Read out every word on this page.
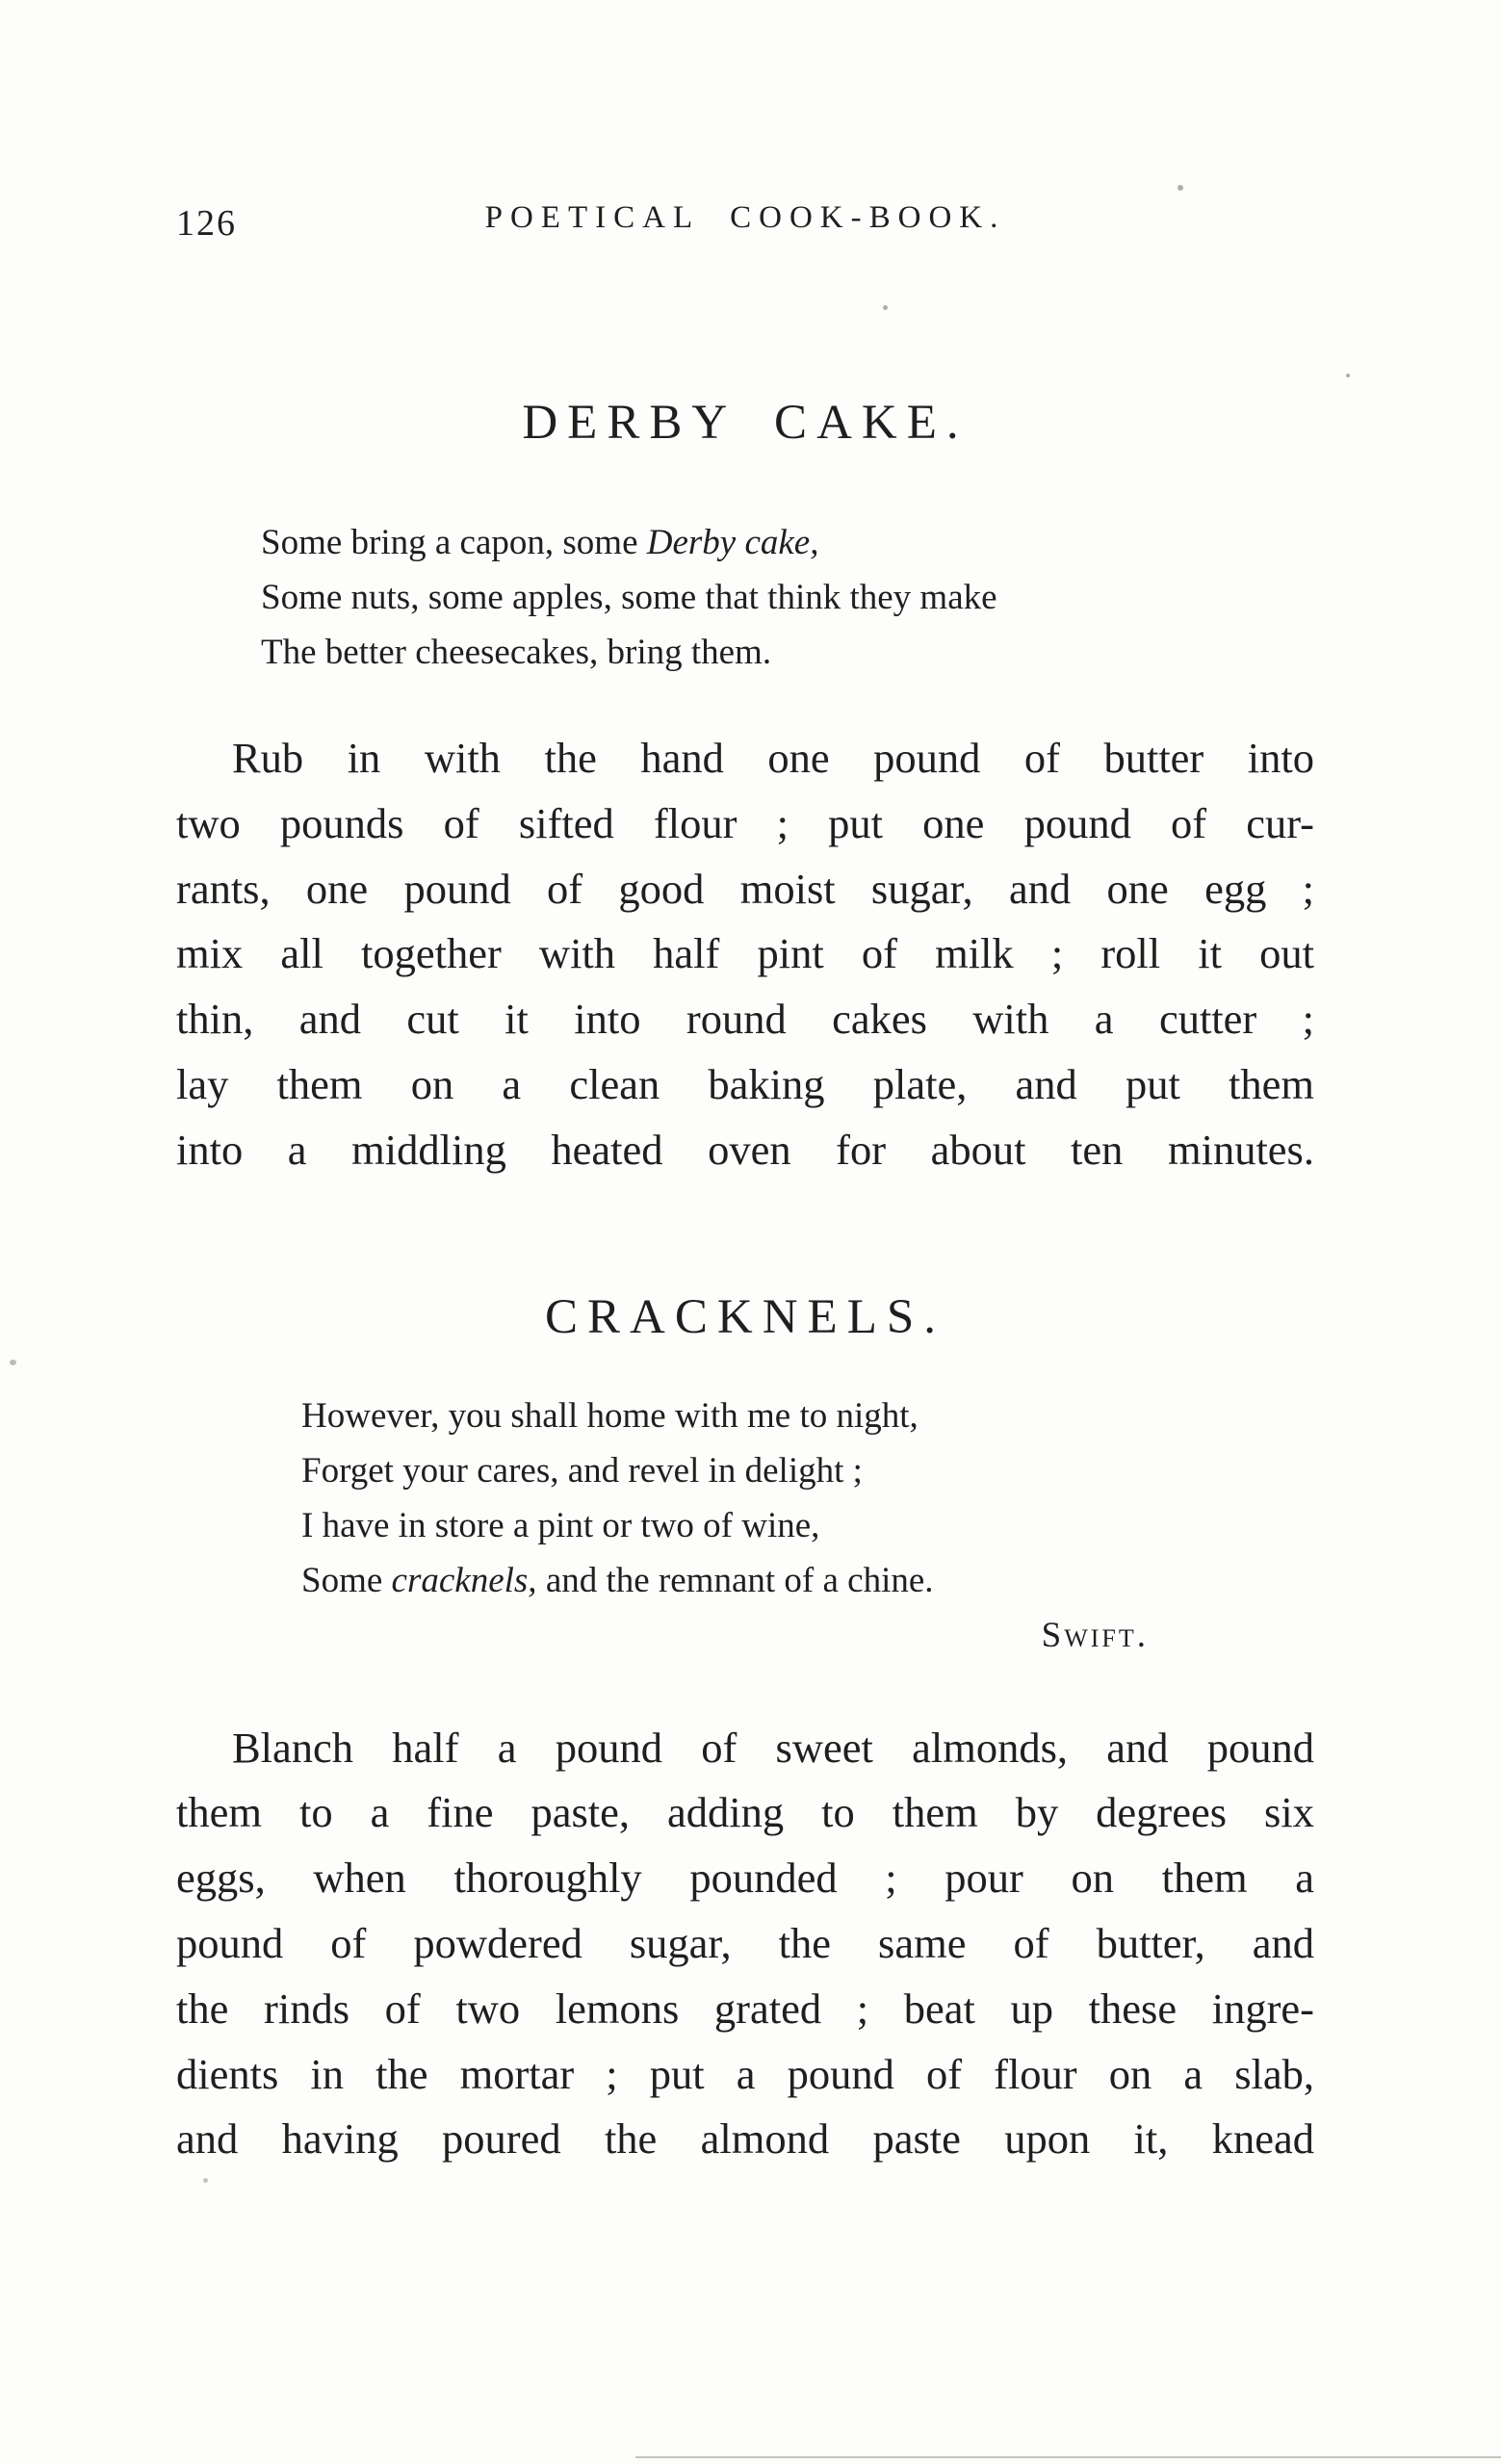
126	POETICAL COOK-BOOK.
DERBY CAKE.
Some bring a capon, some Derby cake,
Some nuts, some apples, some that think they make
The better cheesecakes, bring them.
Rub in with the hand one pound of butter into
two pounds of sifted flour ; put one pound of cur-
rants, one pound of good moist sugar, and one egg ;
mix all together with half pint of milk ; roll it out
thin, and cut it into round cakes with a cutter ;
lay them on a clean baking plate, and put them
into a middling heated oven for about ten minutes.
CRACKNELS.
However, you shall home with me to night,
Forget your cares, and revel in delight ;
I have in store a pint or two of wine,
Some cracknels, and the remnant of a chine.
Swift.
Blanch half a pound of sweet almonds, and pound
them to a fine paste, adding to them by degrees six
eggs, when thoroughly pounded ; pour on them a
pound of powdered sugar, the same of butter, and
the rinds of two lemons grated ; beat up these ingre-
dients in the mortar ; put a pound of flour on a slab,
and having poured the almond paste upon it, knead
